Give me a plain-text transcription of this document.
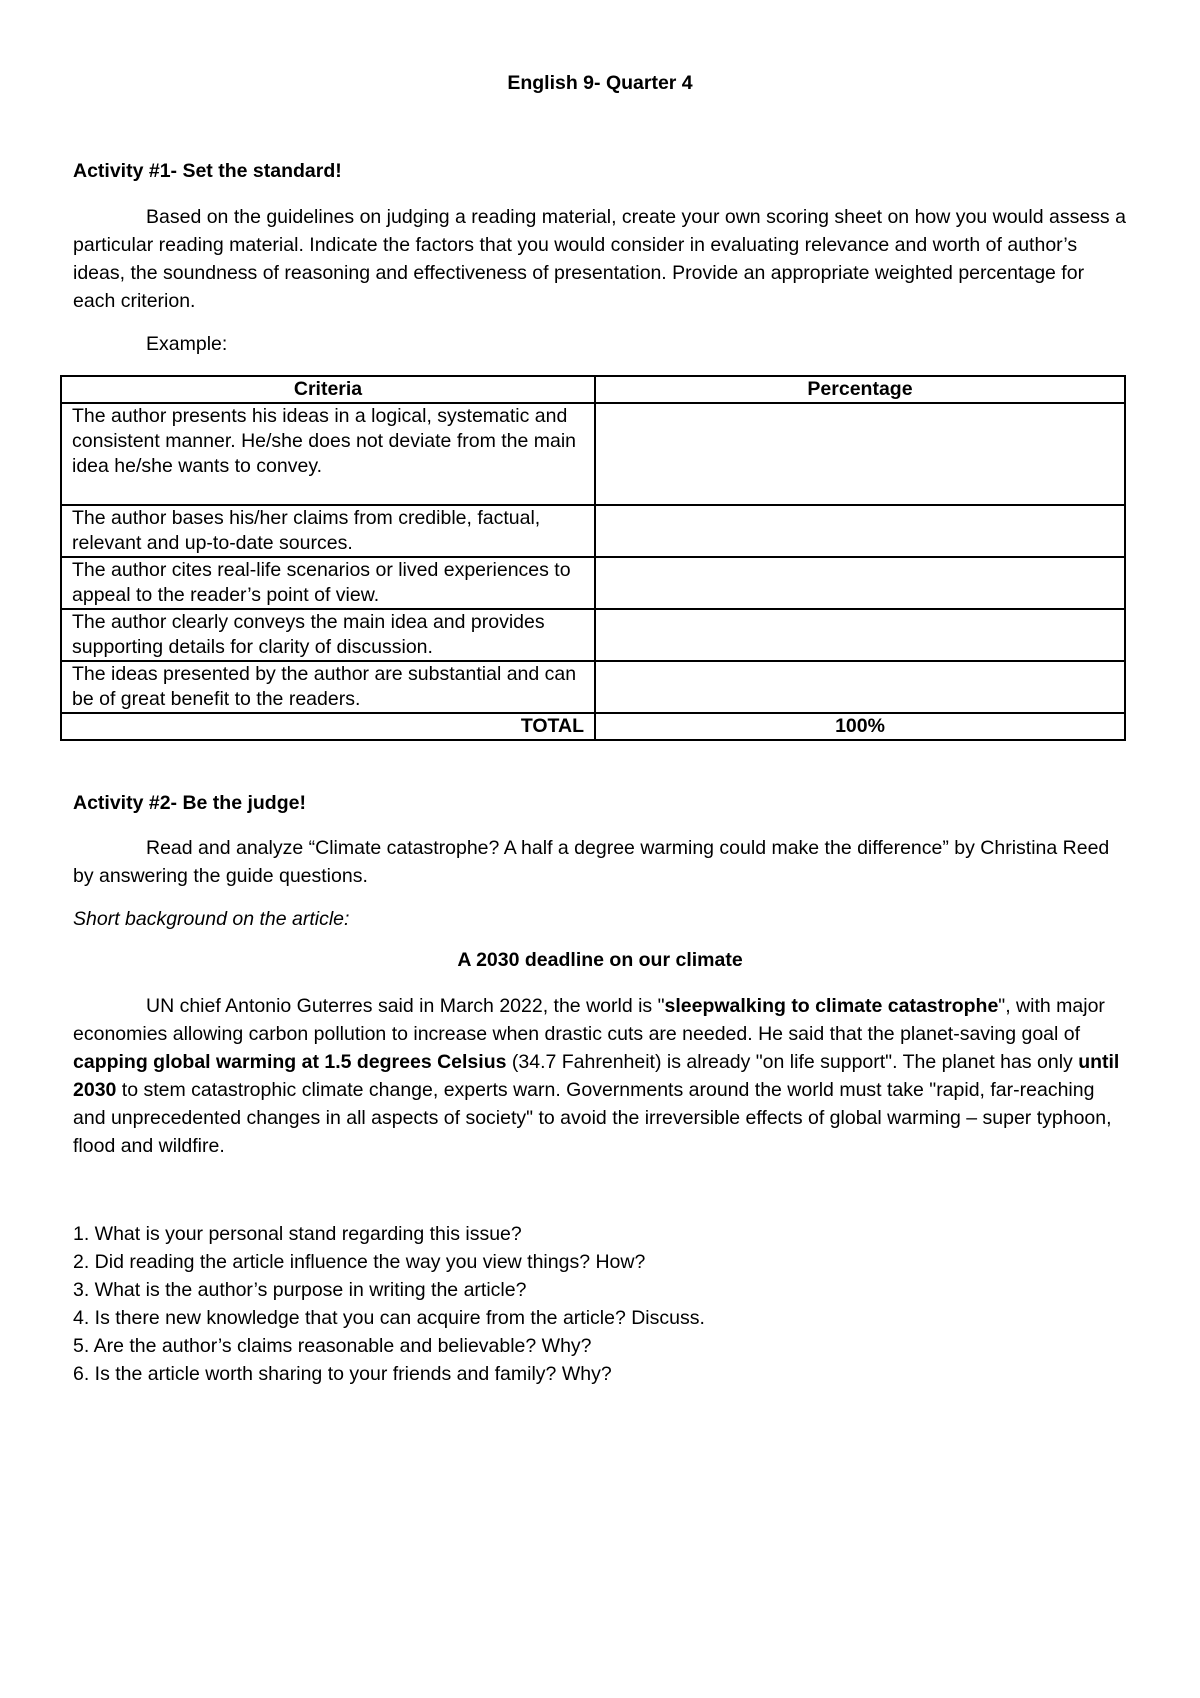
English 9- Quarter 4
Activity #1- Set the standard!

Based on the guidelines on judging a reading material, create your own scoring sheet on how you would assess a particular reading material. Indicate the factors that you would consider in evaluating relevance and worth of author’s ideas, the soundness of reasoning and effectiveness of presentation. Provide an appropriate weighted percentage for each criterion.

Example:

Criteria	Percentage
The author presents his ideas in a logical, systematic and consistent manner. He/she does not deviate from the main idea he/she wants to convey.	
The author bases his/her claims from credible, factual, relevant and up-to-date sources.	
The author cites real-life scenarios or lived experiences to appeal to the reader’s point of view.	
The author clearly conveys the main idea and provides supporting details for clarity of discussion.	
The ideas presented by the author are substantial and can be of great benefit to the readers.	
TOTAL	100%
Activity #2- Be the judge!

Read and analyze “Climate catastrophe? A half a degree warming could make the difference” by Christina Reed by answering the guide questions.

Short background on the article:

A 2030 deadline on our climate

UN chief Antonio Guterres said in March 2022, the world is "sleepwalking to climate catastrophe", with major economies allowing carbon pollution to increase when drastic cuts are needed. He said that the planet-saving goal of capping global warming at 1.5 degrees Celsius (34.7 Fahrenheit) is already "on life support". The planet has only until 2030 to stem catastrophic climate change, experts warn. Governments around the world must take "rapid, far-reaching and unprecedented changes in all aspects of society" to avoid the irreversible effects of global warming – super typhoon, flood and wildfire.

1. What is your personal stand regarding this issue?
2. Did reading the article influence the way you view things? How?
3. What is the author’s purpose in writing the article?
4. Is there new knowledge that you can acquire from the article? Discuss.
5. Are the author’s claims reasonable and believable? Why?
6. Is the article worth sharing to your friends and family? Why?
